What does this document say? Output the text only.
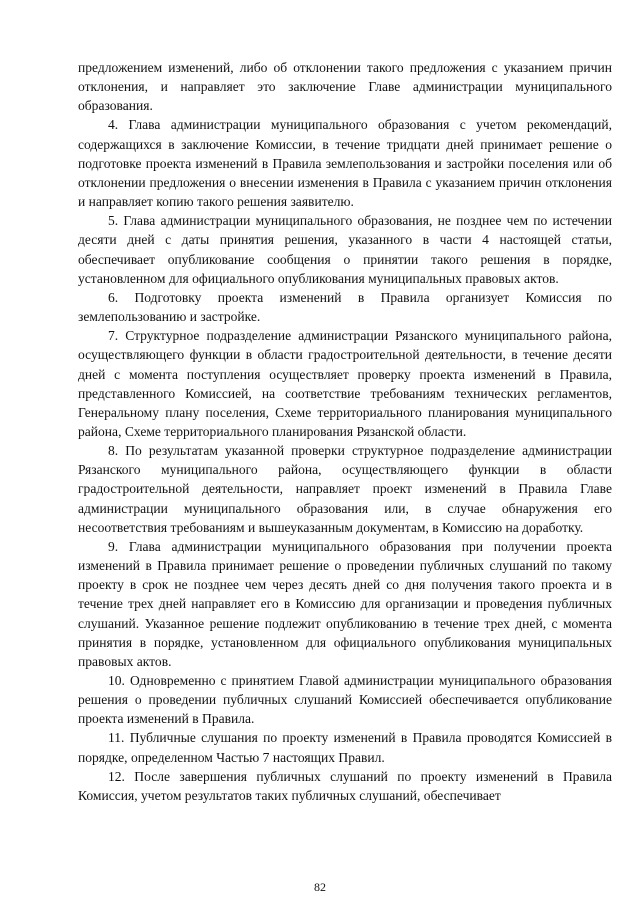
предложением изменений, либо об отклонении такого предложения с указанием причин отклонения, и направляет это заключение Главе администрации муниципального образования.

4. Глава администрации муниципального образования с учетом рекомендаций, содержащихся в заключение Комиссии, в течение тридцати дней принимает решение о подготовке проекта изменений в Правила землепользования и застройки поселения или об отклонении предложения о внесении изменения в Правила с указанием причин отклонения и направляет копию такого решения заявителю.

5. Глава администрации муниципального образования, не позднее чем по истечении десяти дней с даты принятия решения, указанного в части 4 настоящей статьи, обеспечивает опубликование сообщения о принятии такого решения в порядке, установленном для официального опубликования муниципальных правовых актов.

6. Подготовку проекта изменений в Правила организует Комиссия по землепользованию и застройке.

7. Структурное подразделение администрации Рязанского муниципального района, осуществляющего функции в области градостроительной деятельности, в течение десяти дней с момента поступления осуществляет проверку проекта изменений в Правила, представленного Комиссией, на соответствие требованиям технических регламентов, Генеральному плану поселения, Схеме территориального планирования муниципального района, Схеме территориального планирования Рязанской области.

8. По результатам указанной проверки структурное подразделение администрации Рязанского муниципального района, осуществляющего функции в области градостроительной деятельности, направляет проект изменений в Правила Главе администрации муниципального образования или, в случае обнаружения его несоответствия требованиям и вышеуказанным документам, в Комиссию на доработку.

9. Глава администрации муниципального образования при получении проекта изменений в Правила принимает решение о проведении публичных слушаний по такому проекту в срок не позднее чем через десять дней со дня получения такого проекта и в течение трех дней направляет его в Комиссию для организации и проведения публичных слушаний. Указанное решение подлежит опубликованию в течение трех дней, с момента принятия в порядке, установленном для официального опубликования муниципальных правовых актов.

10. Одновременно с принятием Главой администрации муниципального образования решения о проведении публичных слушаний Комиссией обеспечивается опубликование проекта изменений в Правила.

11. Публичные слушания по проекту изменений в Правила проводятся Комиссией в порядке, определенном Частью 7 настоящих Правил.

12. После завершения публичных слушаний по проекту изменений в Правила Комиссия, учетом результатов таких публичных слушаний, обеспечивает

82
